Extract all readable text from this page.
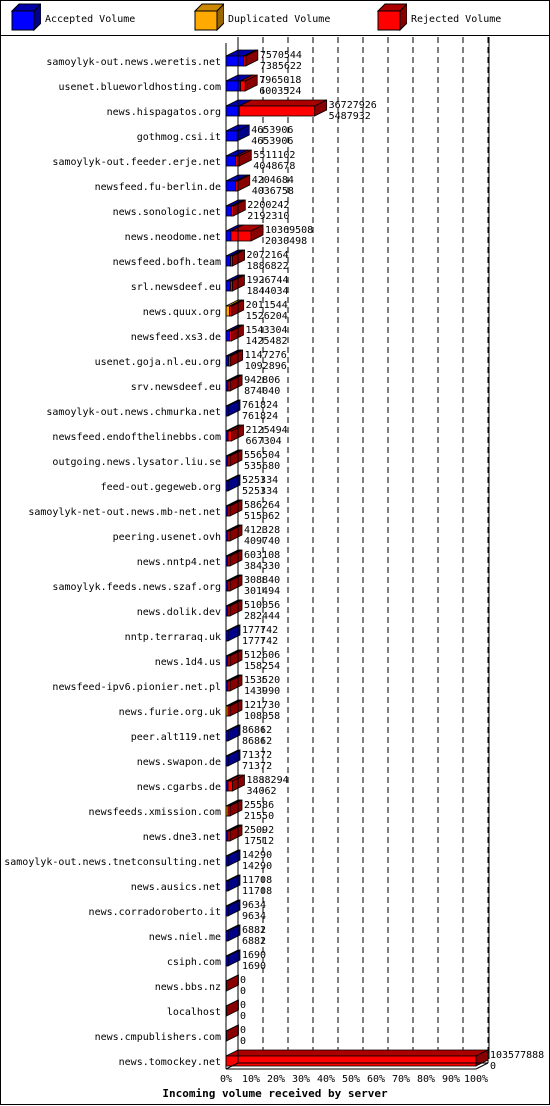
Accepted Volume	Duplicated Volume	Rejected Volume
samoylyk-out.news.weretis.net
7570544
7385622
usenet.blueworldhosting.com
7965018
6003524
news.hispagatos.org
36727926
5487932
gothmog.csi.it
4653906
4653906
samoylyk-out.feeder.erje.net
5511102
4048678
newsfeed.fu-berlin.de
4204684
4036758
news.sonologic.net
2200242
2192310
news.neodome.net
10369508
2030498
newsfeed.bofh.team
2072164
1886822
srl.newsdeef.eu
1926744
1844034
news.quux.org
2011544
1526204
newsfeed.xs3.de
1543304
1425482
usenet.goja.nl.eu.org
1147276
1092896
srv.newsdeef.eu
942806
874040
samoylyk-out.news.chmurka.net
761824
761824
newsfeed.endofthelinebbs.com
2125494
667304
outgoing.news.lysator.liu.se
556504
535680
feed-out.gegeweb.org
525334
525334
samoylyk-net-out.news.mb-net.net
586264
515062
peering.usenet.ovh
412328
409740
news.nntp4.net
603108
384330
samoylyk.feeds.news.szaf.org
308840
301494
news.dolik.dev
510056
282444
nntp.terraraq.uk
177742
177742
news.1d4.us
512606
158254
newsfeed-ipv6.pionier.net.pl
153520
143990
news.furie.org.uk
121730
108058
peer.alt119.net
86862
86862
news.swapon.de
71372
71372
news.cgarbs.de
1888294
34062
newsfeeds.xmission.com
25586
21550
news.dne3.net
25092
17512
samoylyk-out.news.tnetconsulting.net
14290
14290
news.ausics.net
11708
11708
news.corradoroberto.it
9634
9634
news.niel.me
6882
6882
csiph.com
1690
1690
news.bbs.nz
0
0
localhost
0
0
news.cmpublishers.com
0
0
news.tomockey.net
103577888
0
0% 10% 20% 30% 40% 50% 60% 70% 80% 90% 100%
Incoming volume received by server
